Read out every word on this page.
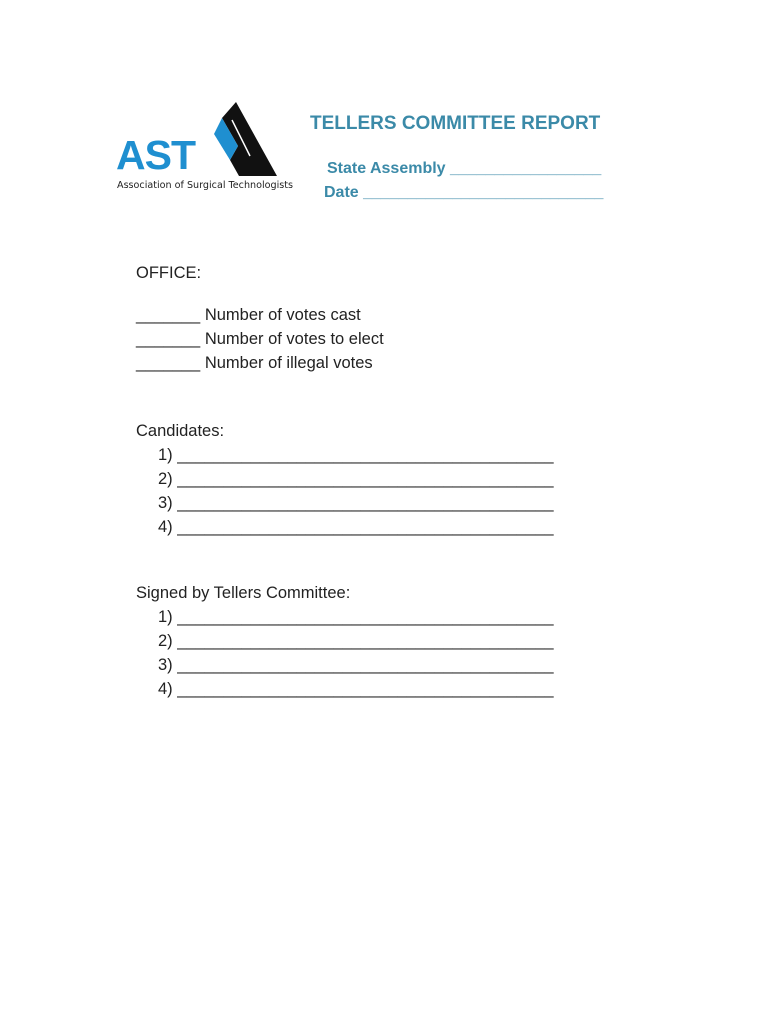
AST
Association of Surgical Technologists
TELLERS COMMITTEE REPORT
State Assembly _________________
Date ___________________________
OFFICE:
_______ Number of votes cast
_______ Number of votes to elect
_______ Number of illegal votes
Candidates:
1) _________________________________________
2) _________________________________________
3) _________________________________________
4) _________________________________________
Signed by Tellers Committee:
1) _________________________________________
2) _________________________________________
3) _________________________________________
4) _________________________________________
